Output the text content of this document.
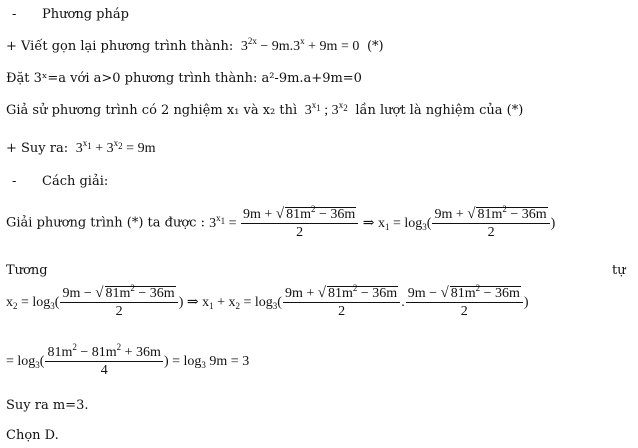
- Phương pháp
+ Viết gọn lại phương trình thành:  $3^{2x} - 9m.3^x + 9m = 0$  (*)
Đặt 3ˣ=a với a>0 phương trình thành: a²-9m.a+9m=0
Giả sử phương trình có 2 nghiệm x₁ và x₂ thì  $3^{x_1}$ ; $3^{x_2}$ lần lượt là nghiệm của (*)
+ Suy ra:  $3^{x_1} + 3^{x_2} = 9m$
- Cách giải:
Giải phương trình (*) ta được : $3^{x_1} = \frac{9m + √ 81m^2 - 36m}{2}$ ⇒ $x_1 = \log_3( \frac{9m + √ 81m^2 - 36m}{2}$ )
Tương	tự
$x_2 = \log_3( \frac{9m - √ 81m^2 - 36m}{2}$ ) ⇒ $x_1 + x_2 = \log_3( \frac{9m + √ 81m^2 - 36m}{2}$ . $\frac{9m - √ 81m^2 - 36m}{2}$ )
= $\log_3( \frac{81m^2 - 81m^2 + 36m}{4}$ ) = $\log_3 9m = 3$
Suy ra m=3.
Chọn D.
